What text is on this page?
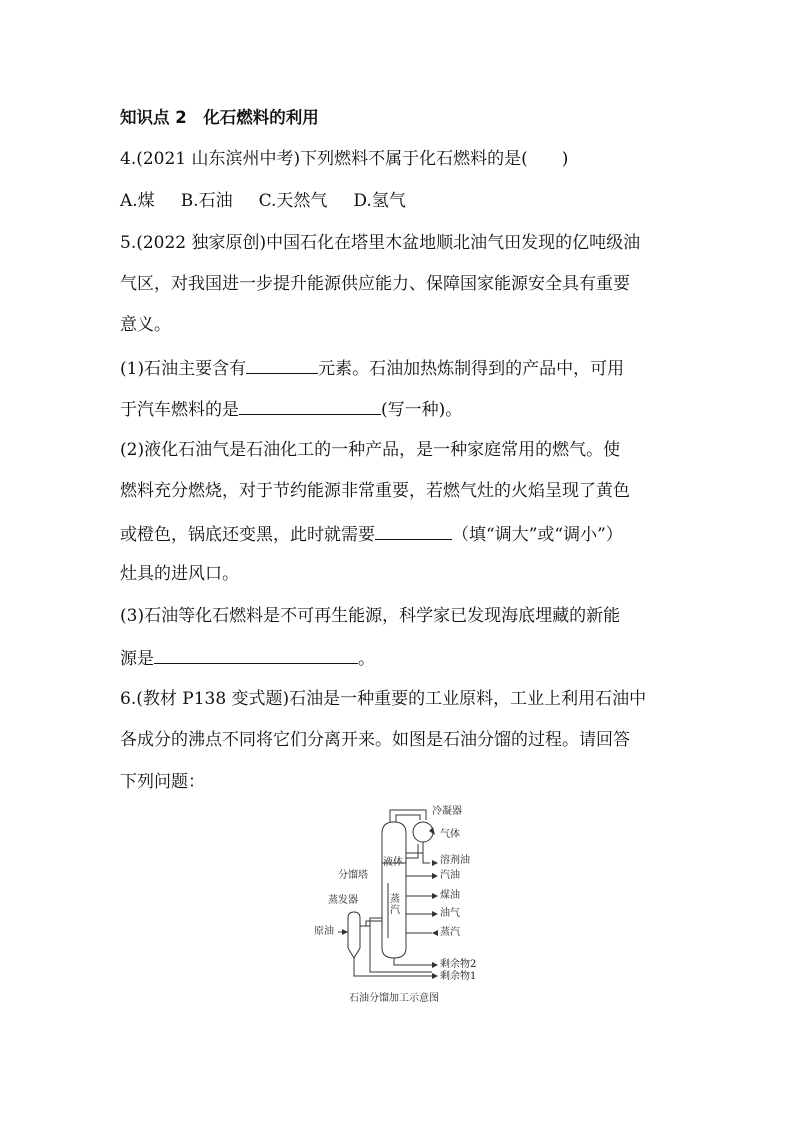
知识点 2　化石燃料的利用
4.(2021 山东滨州中考)下列燃料不属于化石燃料的是(　　)
A.煤 B.石油 C.天然气 D.氢气
5.(2022 独家原创)中国石化在塔里木盆地顺北油气田发现的亿吨级油
气区，对我国进一步提升能源供应能力、保障国家能源安全具有重要
意义。
(1)石油主要含有	元素。石油加热炼制得到的产品中，可用
于汽车燃料的是	(写一种)。
(2)液化石油气是石油化工的一种产品，是一种家庭常用的燃气。使
燃料充分燃烧，对于节约能源非常重要，若燃气灶的火焰呈现了黄色
或橙色，锅底还变黑，此时就需要	（填“调大”或“调小”）
灶具的进风口。
(3)石油等化石燃料是不可再生能源，科学家已发现海底埋藏的新能
源是	。
6.(教材 P138 变式题)石油是一种重要的工业原料，工业上利用石油中
各成分的沸点不同将它们分离开来。如图是石油分馏的过程。请回答
下列问题：
冷凝器
气体
溶剂油
汽油
煤油
油气
蒸汽
剩余物2
剩余物1
液体
分馏塔
蒸发器
原油
蒸
汽
石油分馏加工示意图
